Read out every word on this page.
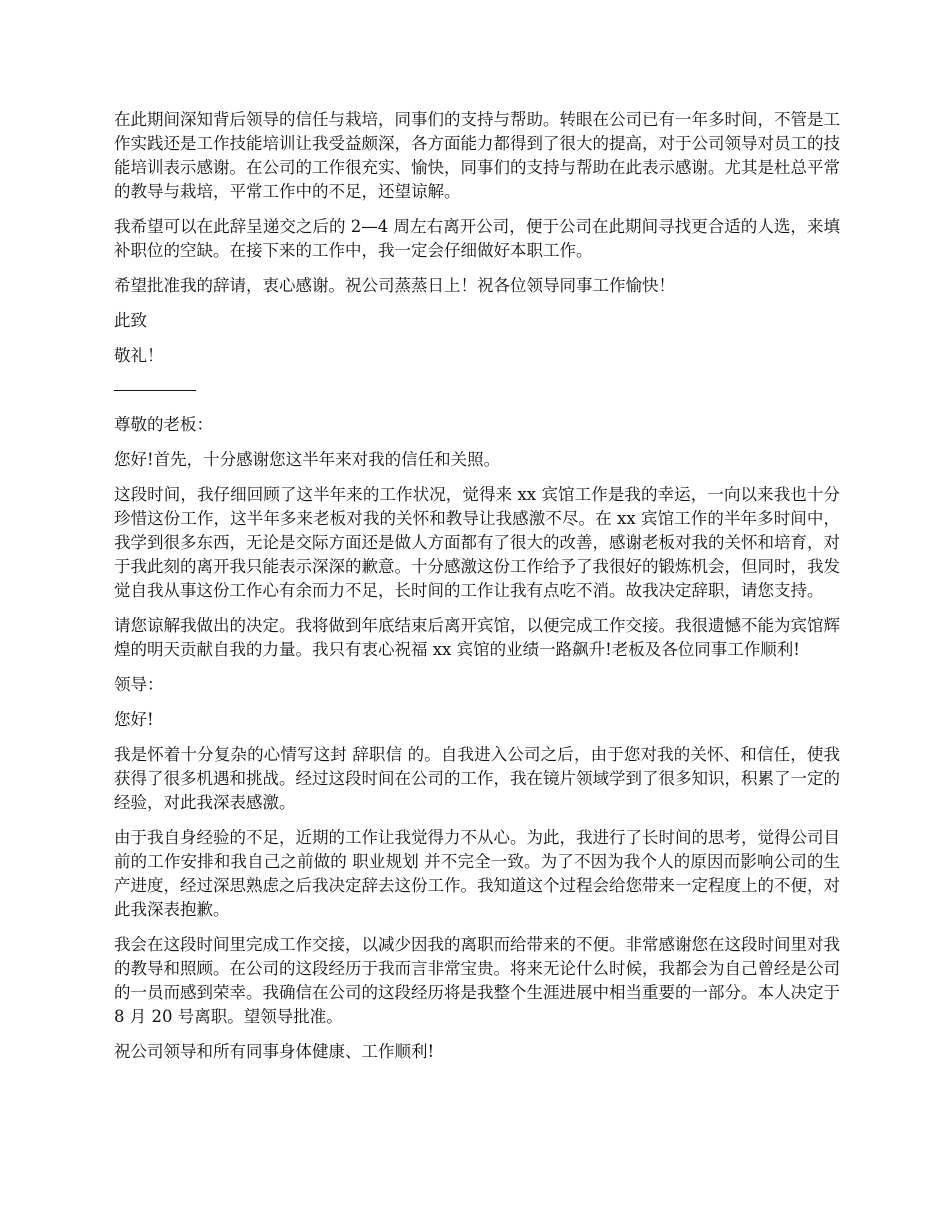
在此期间深知背后领导的信任与栽培，同事们的支持与帮助。转眼在公司已有一年多时间，不管是工作实践还是工作技能培训让我受益颇深，各方面能力都得到了很大的提高，对于公司领导对员工的技能培训表示感谢。在公司的工作很充实、愉快，同事们的支持与帮助在此表示感谢。尤其是杜总平常的教导与栽培，平常工作中的不足，还望谅解。

我希望可以在此辞呈递交之后的 2—4 周左右离开公司，便于公司在此期间寻找更合适的人选，来填补职位的空缺。在接下来的工作中，我一定会仔细做好本职工作。

希望批准我的辞请，衷心感谢。祝公司蒸蒸日上！祝各位领导同事工作愉快！

此致

敬礼！

尊敬的老板：

您好!首先，十分感谢您这半年来对我的信任和关照。

这段时间，我仔细回顾了这半年来的工作状况，觉得来 xx 宾馆工作是我的幸运，一向以来我也十分珍惜这份工作，这半年多来老板对我的关怀和教导让我感激不尽。在 xx 宾馆工作的半年多时间中，我学到很多东西，无论是交际方面还是做人方面都有了很大的改善，感谢老板对我的关怀和培育，对于我此刻的离开我只能表示深深的歉意。十分感激这份工作给予了我很好的锻炼机会，但同时，我发觉自我从事这份工作心有余而力不足，长时间的工作让我有点吃不消。故我决定辞职，请您支持。

请您谅解我做出的决定。我将做到年底结束后离开宾馆，以便完成工作交接。我很遗憾不能为宾馆辉煌的明天贡献自我的力量。我只有衷心祝福 xx 宾馆的业绩一路飙升!老板及各位同事工作顺利!

领导：

您好!

我是怀着十分复杂的心情写这封 辞职信 的。自我进入公司之后，由于您对我的关怀、和信任，使我获得了很多机遇和挑战。经过这段时间在公司的工作，我在镜片领域学到了很多知识，积累了一定的经验，对此我深表感激。

由于我自身经验的不足，近期的工作让我觉得力不从心。为此，我进行了长时间的思考，觉得公司目前的工作安排和我自己之前做的 职业规划 并不完全一致。为了不因为我个人的原因而影响公司的生产进度，经过深思熟虑之后我决定辞去这份工作。我知道这个过程会给您带来一定程度上的不便，对此我深表抱歉。

我会在这段时间里完成工作交接，以减少因我的离职而给带来的不便。非常感谢您在这段时间里对我的教导和照顾。在公司的这段经历于我而言非常宝贵。将来无论什么时候，我都会为自己曾经是公司的一员而感到荣幸。我确信在公司的这段经历将是我整个生涯进展中相当重要的一部分。本人决定于 8 月 20 号离职。望领导批准。

祝公司领导和所有同事身体健康、工作顺利!
